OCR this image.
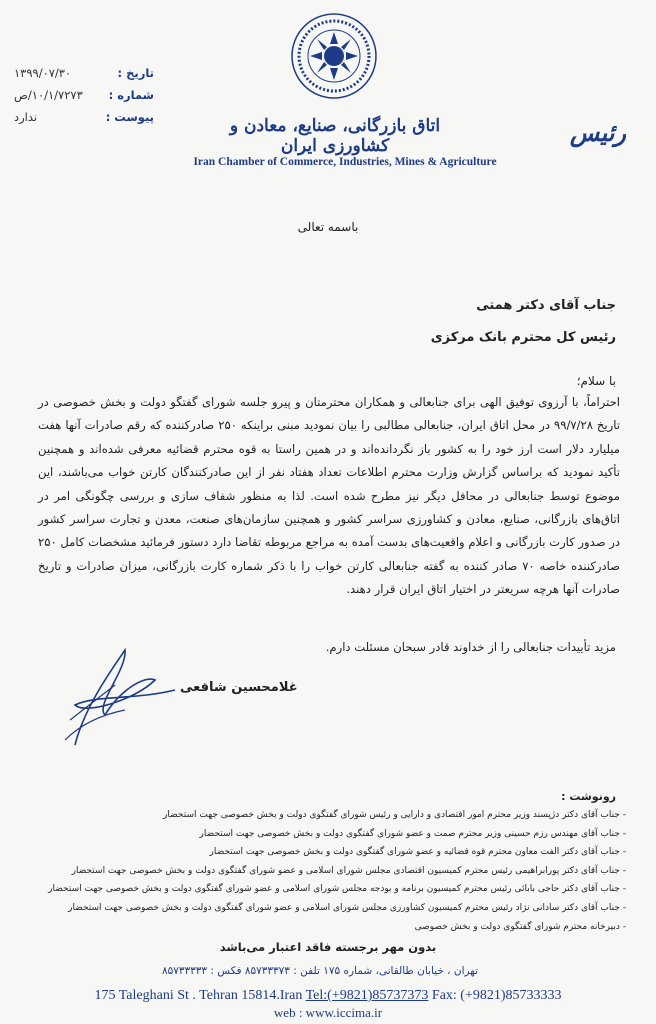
رئیس
اتاق بازرگانی، صنایع، معادن و کشاورزی ایران
Iran Chamber of Commerce, Industries, Mines & Agriculture
تاریخ :
۱۳۹۹/۰۷/۳۰
شماره :
۱۰/۱/۷۲۷۳/ص
پیوست :
ندارد
باسمه تعالی
جناب آقای دکتر همتی
رئیس کل محترم بانک مرکزی
با سلام؛
احتراماً، با آرزوی توفیق الهی برای جنابعالی و همکاران محترمتان و پیرو جلسه شورای گفتگو دولت و بخش خصوصی در تاریخ ۹۹/۷/۲۸ در محل اتاق ایران، جنابعالی مطالبی را بیان نمودید مبنی براینکه ۲۵۰ صادرکننده که رقم صادرات آنها هفت میلیارد دلار است ارز خود را به کشور باز نگردانده‌اند و در همین راستا به قوه محترم قضائیه معرفی شده‌اند و همچنین تأکید نمودید که براساس گزارش وزارت محترم اطلاعات تعداد هفتاد نفر از این صادرکنندگان کارتن خواب می‌باشند، این موضوع توسط جنابعالی در محافل دیگر نیز مطرح شده است. لذا به منظور شفاف سازی و بررسی چگونگی امر در اتاق‌های بازرگانی، صنایع، معادن و کشاورزی سراسر کشور و همچنین سازمان‌های صنعت، معدن و تجارت سراسر کشور در صدور کارت بازرگانی و اعلام واقعیت‌های بدست آمده به مراجع مربوطه تقاضا دارد دستور فرمائید مشخصات کامل ۲۵۰ صادرکننده خاصه ۷۰ صادر کننده به گفته جنابعالی کارتن خواب را با ذکر شماره کارت بازرگانی، میزان صادرات و تاریخ صادرات آنها هرچه سریعتر در اختیار اتاق ایران قرار دهند.
مزید تأییدات جنابعالی را از خداوند قادر سبحان مسئلت دارم.
غلامحسین شافعی
رونوشت :
- جناب آقای دکتر دژپسند وزیر محترم امور اقتصادی و دارایی و رئیس شورای گفتگوی دولت و بخش خصوصی جهت استحضار
- جناب آقای مهندس رزم حسینی وزیر محترم صمت و عضو شورای گفتگوی دولت و بخش خصوصی جهت استحضار
- جناب آقای دکتر الفت معاون محترم قوه قضائیه و عضو شورای گفتگوی دولت و بخش خصوصی جهت استحضار
- جناب آقای دکتر پورابراهیمی رئیس محترم کمیسیون اقتصادی مجلس شورای اسلامی و عضو شورای گفتگوی دولت و بخش خصوصی جهت استحضار
- جناب آقای دکتر حاجی بابائی رئیس محترم کمیسیون برنامه و بودجه مجلس شورای اسلامی و عضو شورای گفتگوی دولت و بخش خصوصی جهت استحضار
- جناب آقای دکتر سادانی نژاد رئیس محترم کمیسیون کشاورزی مجلس شورای اسلامی و عضو شورای گفتگوی دولت و بخش خصوصی جهت استحضار
- دبیرخانه محترم شورای گفتگوی دولت و بخش خصوصی
بدون مهر برجسته فاقد اعتبار می‌باشد
تهران ، خیابان طالقانی، شماره ۱۷۵ تلفن : ۸۵۷۳۳۳۷۳ فکس : ۸۵۷۳۳۳۳۳
175 Taleghani St . Tehran 15814.Iran Tel:(+9821)85737373 Fax: (+9821)85733333
web : www.iccima.ir
